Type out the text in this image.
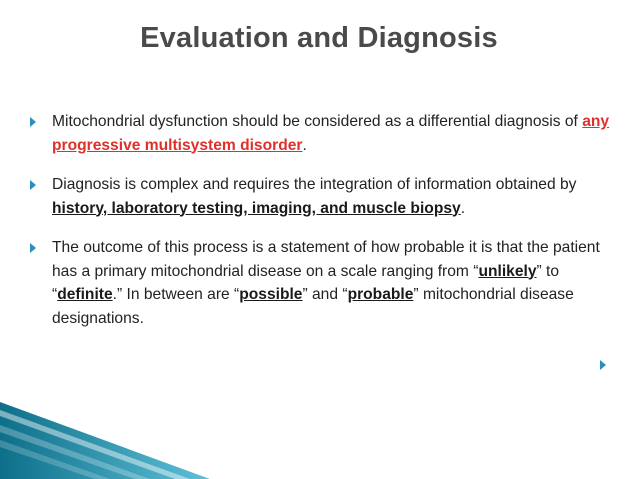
Evaluation and Diagnosis
Mitochondrial dysfunction should be considered as a differential diagnosis of any progressive multisystem disorder.
Diagnosis is complex and requires the integration of information obtained by history, laboratory testing, imaging, and muscle biopsy.
The outcome of this process is a statement of how probable it is that the patient has a primary mitochondrial disease on a scale ranging from “unlikely” to “definite.” In between are “possible” and “probable” mitochondrial disease designations.
